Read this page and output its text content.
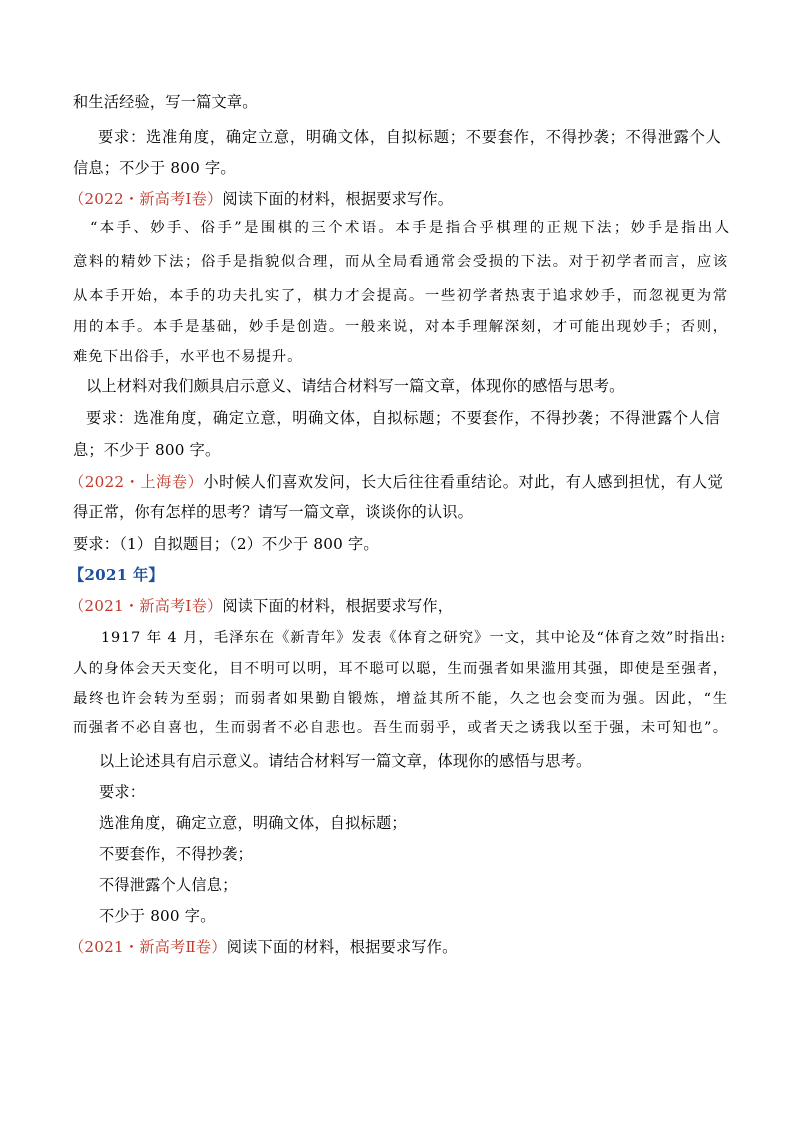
和生活经验，写一篇文章。
要求：选准角度，确定立意，明确文体，自拟标题；不要套作，不得抄袭；不得泄露个人
信息；不少于 800 字。
（2022・新高考Ⅰ卷）阅读下面的材料，根据要求写作。
“本手、妙手、俗手”是围棋的三个术语。本手是指合乎棋理的正规下法；妙手是指出人
意料的精妙下法；俗手是指貌似合理，而从全局看通常会受损的下法。对于初学者而言，应该
从本手开始，本手的功夫扎实了，棋力才会提高。一些初学者热衷于追求妙手，而忽视更为常
用的本手。本手是基础，妙手是创造。一般来说，对本手理解深刻，才可能出现妙手；否则，
难免下出俗手，水平也不易提升。
以上材料对我们颇具启示意义、请结合材料写一篇文章，体现你的感悟与思考。
要求：选准角度，确定立意，明确文体，自拟标题；不要套作，不得抄袭；不得泄露个人信
息；不少于 800 字。
（2022・上海卷）小时候人们喜欢发问，长大后往往看重结论。对此，有人感到担忧，有人觉
得正常，你有怎样的思考？请写一篇文章，谈谈你的认识。
要求：（1）自拟题目；（2）不少于 800 字。
【2021 年】
（2021・新高考Ⅰ卷）阅读下面的材料，根据要求写作，
1917 年 4 月，毛泽东在《新青年》发表《体育之研究》一文，其中论及“体育之效”时指出:
人的身体会天天变化，目不明可以明，耳不聪可以聪，生而强者如果滥用其强，即使是至强者，
最终也许会转为至弱；而弱者如果勤自锻炼，增益其所不能，久之也会变而为强。因此，“生
而强者不必自喜也，生而弱者不必自悲也。吾生而弱乎，或者天之诱我以至于强，未可知也”。
以上论述具有启示意义。请结合材料写一篇文章，体现你的感悟与思考。
要求：
选准角度，确定立意，明确文体，自拟标题；
不要套作，不得抄袭；
不得泄露个人信息；
不少于 800 字。
（2021・新高考Ⅱ卷）阅读下面的材料，根据要求写作。
